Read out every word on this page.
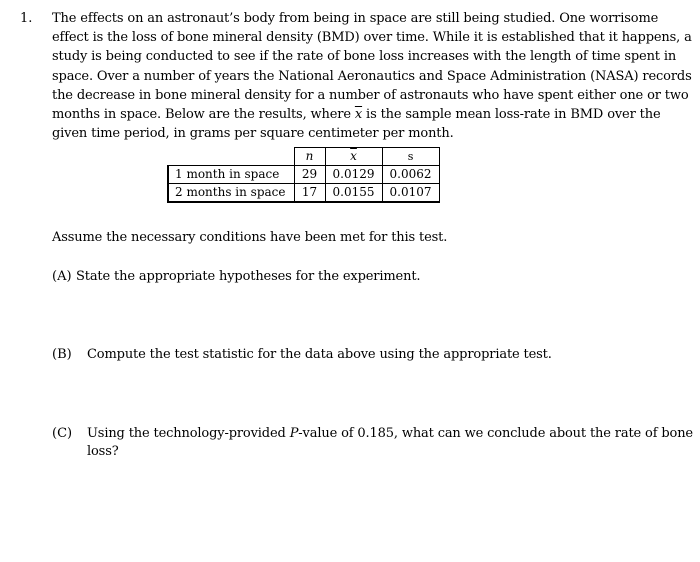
1. The effects on an astronaut’s body from being in space are still being studied. One worrisome
effect is the loss of bone mineral density (BMD) over time. While it is established that it happens, a
study is being conducted to see if the rate of bone loss increases with the length of time spent in
space. Over a number of years the National Aeronautics and Space Administration (NASA) records
the decrease in bone mineral density for a number of astronauts who have spent either one or two
months in space. Below are the results, where $\overline{x}$ is the sample mean loss-rate in BMD over the
given time period, in grams per square centimeter per month.
	n	$\overline{x}$	s
1 month in space	29	0.0129	0.0062
2 months in space	17	0.0155	0.0107
Assume the necessary conditions have been met for this test.
(A) State the appropriate hypotheses for the experiment.
(B) Compute the test statistic for the data above using the appropriate test.
(C) Using the technology-provided P-value of 0.185, what can we conclude about the rate of bone
loss?
